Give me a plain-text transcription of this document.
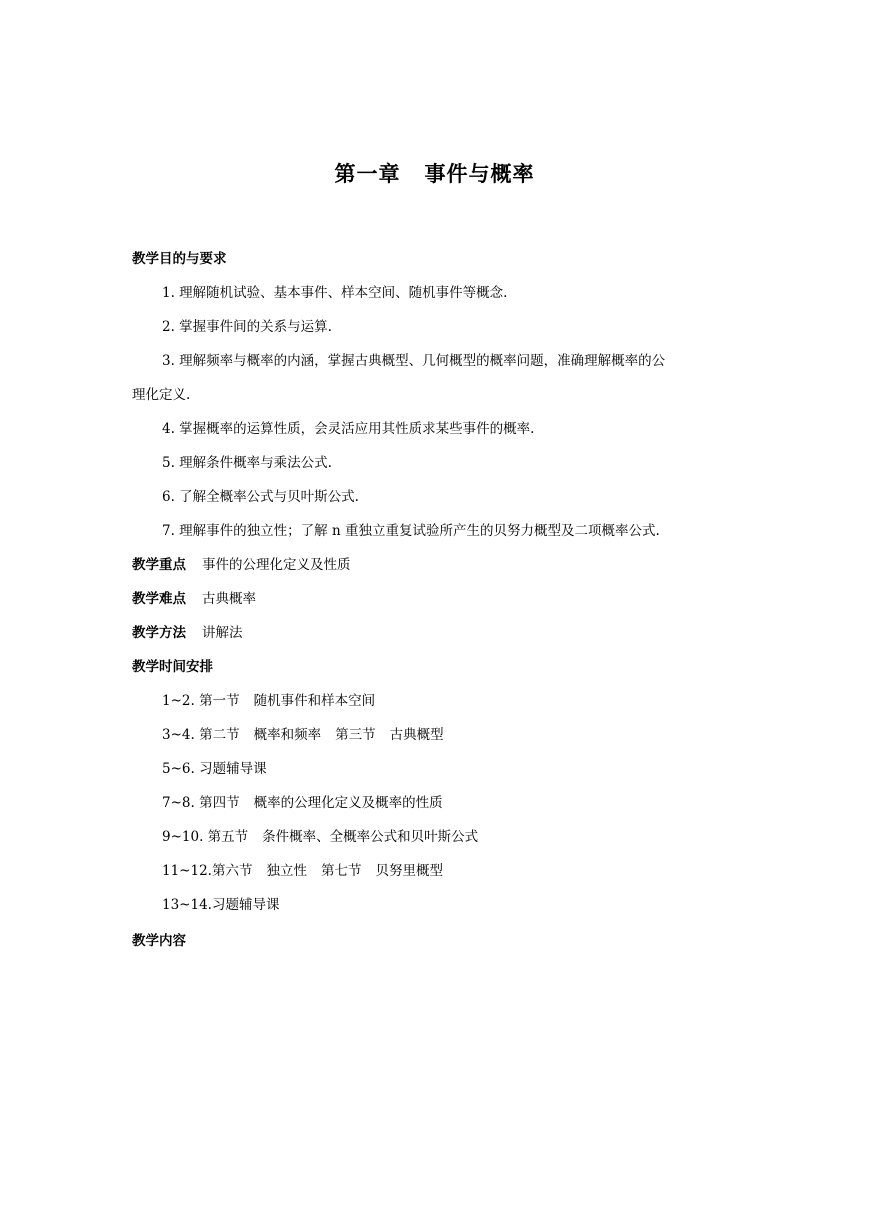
第一章 事件与概率
教学目的与要求
1. 理解随机试验、基本事件、样本空间、随机事件等概念.
2. 掌握事件间的关系与运算.
3. 理解频率与概率的内涵，掌握古典概型、几何概型的概率问题，准确理解概率的公
理化定义.
4. 掌握概率的运算性质，会灵活应用其性质求某些事件的概率.
5. 理解条件概率与乘法公式.
6. 了解全概率公式与贝叶斯公式.
7. 理解事件的独立性；了解 n 重独立重复试验所产生的贝努力概型及二项概率公式.
教学重点 事件的公理化定义及性质
教学难点 古典概率
教学方法 讲解法
教学时间安排
1~2. 第一节 随机事件和样本空间
3~4. 第二节 概率和频率 第三节 古典概型
5~6. 习题辅导课
7~8. 第四节 概率的公理化定义及概率的性质
9~10. 第五节 条件概率、全概率公式和贝叶斯公式
11~12.第六节 独立性 第七节 贝努里概型
13~14.习题辅导课
教学内容
